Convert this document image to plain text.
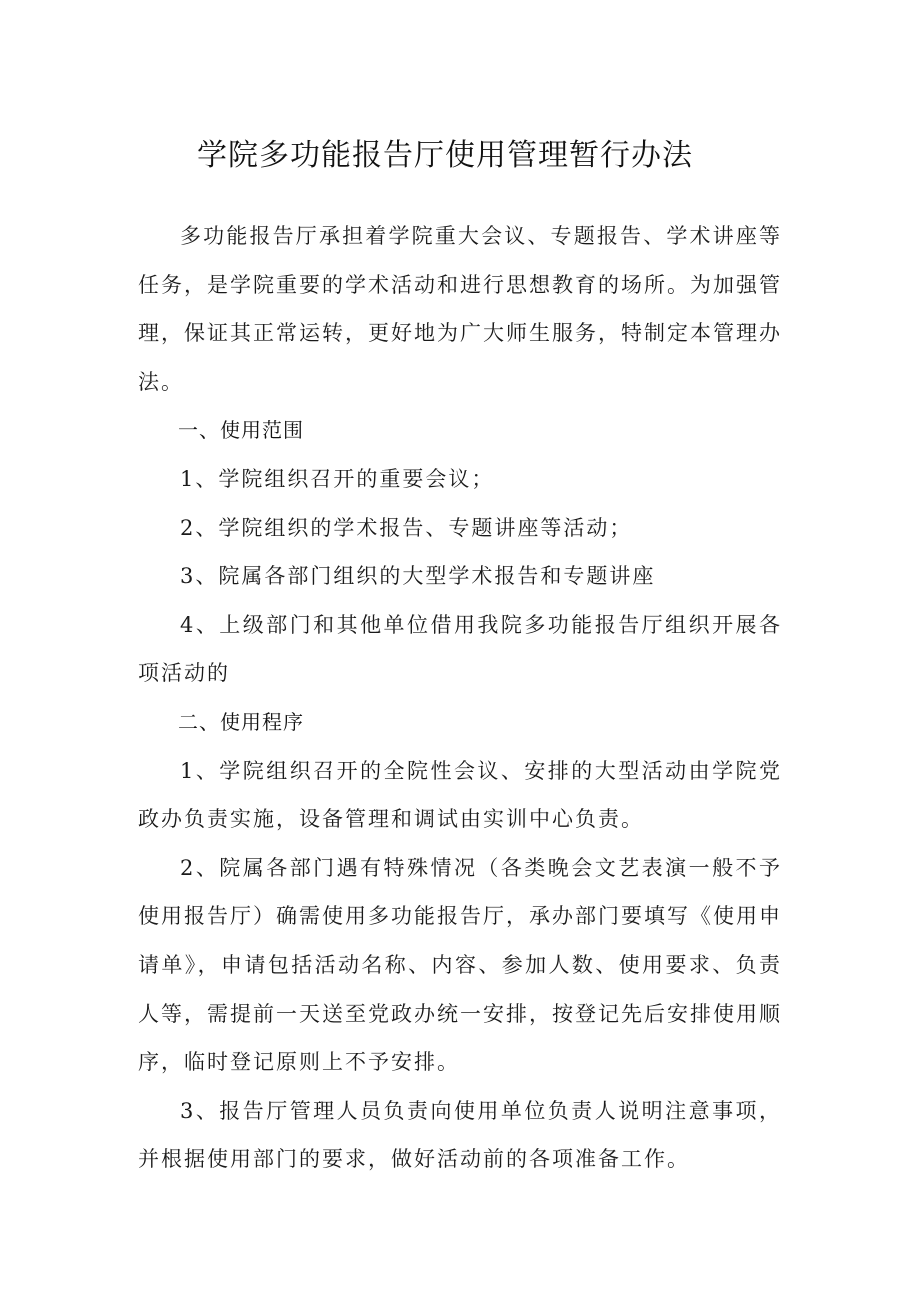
学院多功能报告厅使用管理暂行办法

多功能报告厅承担着学院重大会议、专题报告、学术讲座等任务，是学院重要的学术活动和进行思想教育的场所。为加强管理，保证其正常运转，更好地为广大师生服务，特制定本管理办法。

一、使用范围

1、学院组织召开的重要会议；

2、学院组织的学术报告、专题讲座等活动；

3、院属各部门组织的大型学术报告和专题讲座

4、上级部门和其他单位借用我院多功能报告厅组织开展各项活动的

二、使用程序

1、学院组织召开的全院性会议、安排的大型活动由学院党政办负责实施，设备管理和调试由实训中心负责。

2、院属各部门遇有特殊情况（各类晚会文艺表演一般不予使用报告厅）确需使用多功能报告厅，承办部门要填写《使用申请单》，申请包括活动名称、内容、参加人数、使用要求、负责人等，需提前一天送至党政办统一安排，按登记先后安排使用顺序，临时登记原则上不予安排。

3、报告厅管理人员负责向使用单位负责人说明注意事项，并根据使用部门的要求，做好活动前的各项准备工作。
